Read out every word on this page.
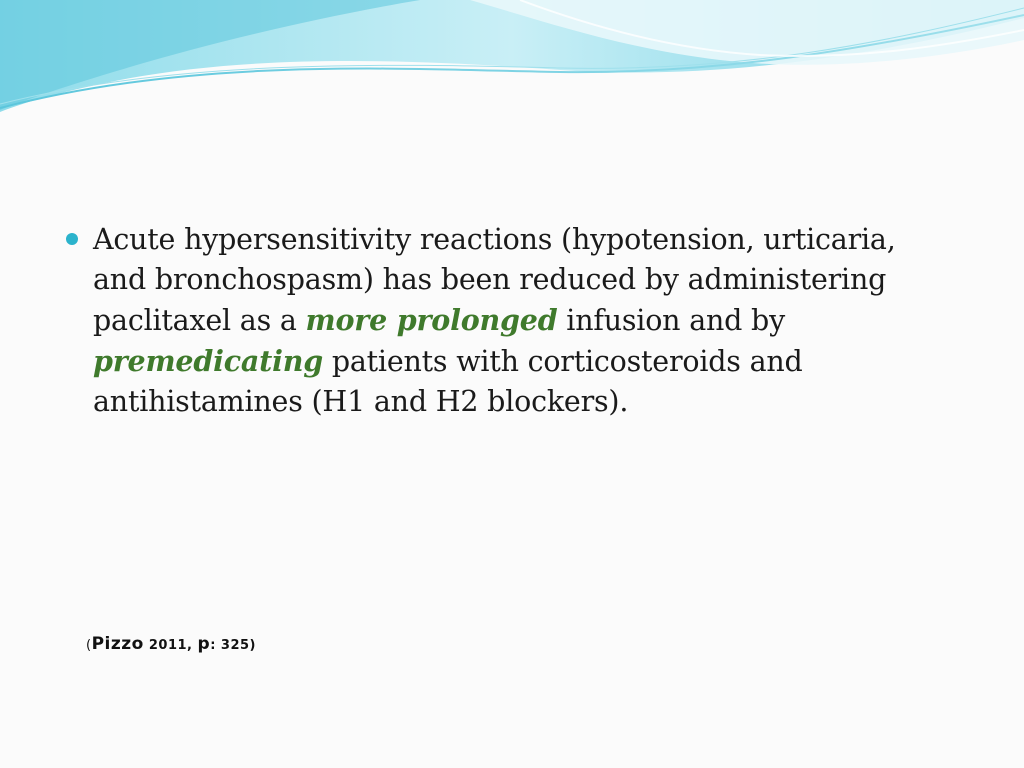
Acute hypersensitivity reactions (hypotension, urticaria, and bronchospasm) has been reduced by administering paclitaxel as a more prolonged infusion and by premedicating patients with corticosteroids and antihistamines (H1 and H2 blockers).

(Pizzo 2011, p: 325)
